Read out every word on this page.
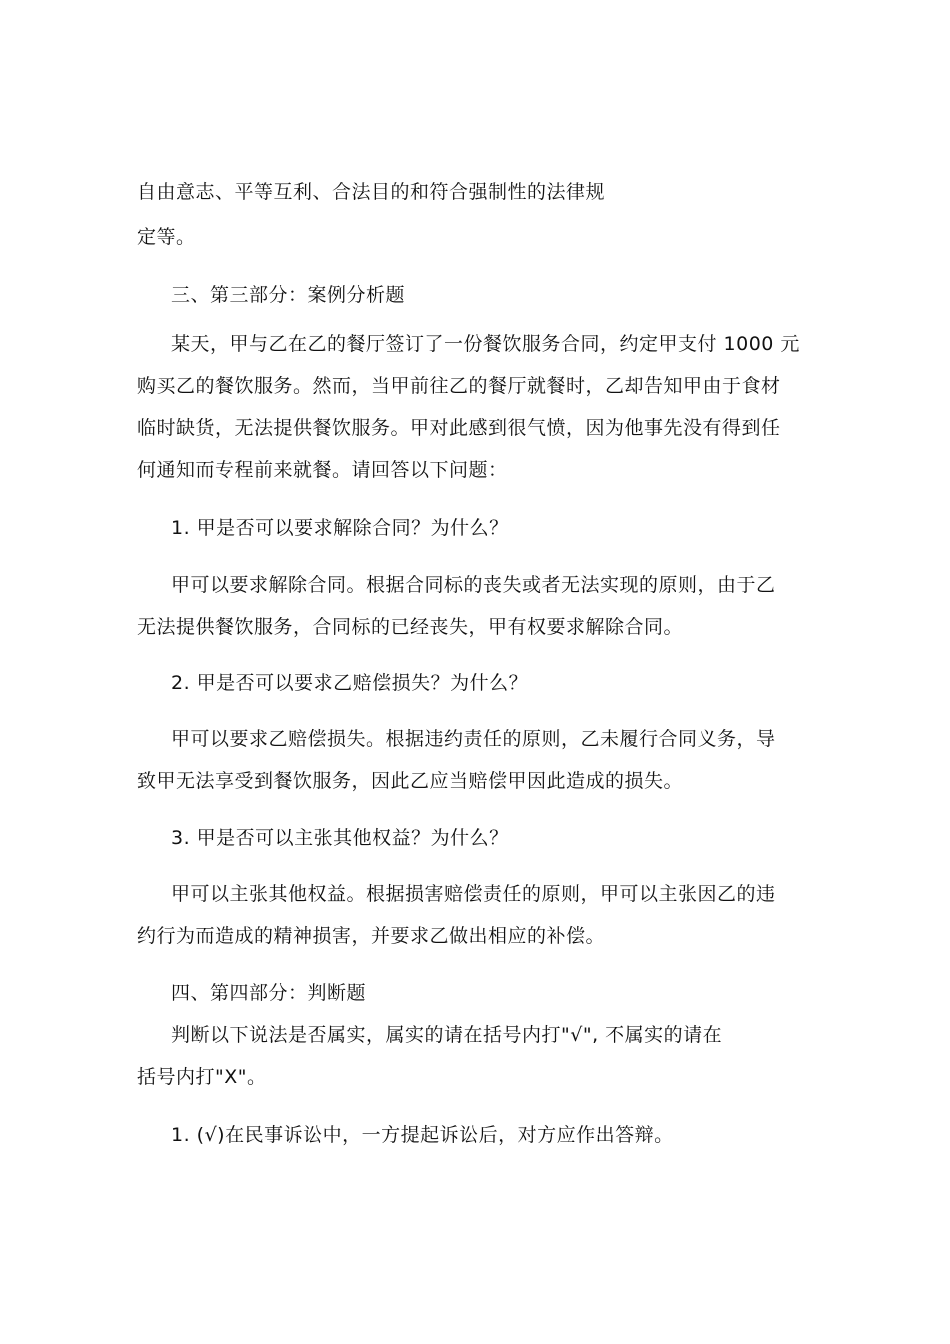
自由意志、平等互利、合法目的和符合强制性的法律规
定等。
三、第三部分：案例分析题
某天，甲与乙在乙的餐厅签订了一份餐饮服务合同，约定甲支付 1000 元
购买乙的餐饮服务。然而，当甲前往乙的餐厅就餐时，乙却告知甲由于食材
临时缺货，无法提供餐饮服务。甲对此感到很气愤，因为他事先没有得到任
何通知而专程前来就餐。请回答以下问题：
1. 甲是否可以要求解除合同？为什么？
甲可以要求解除合同。根据合同标的丧失或者无法实现的原则，由于乙
无法提供餐饮服务，合同标的已经丧失，甲有权要求解除合同。
2. 甲是否可以要求乙赔偿损失？为什么？
甲可以要求乙赔偿损失。根据违约责任的原则，乙未履行合同义务，导
致甲无法享受到餐饮服务，因此乙应当赔偿甲因此造成的损失。
3. 甲是否可以主张其他权益？为什么？
甲可以主张其他权益。根据损害赔偿责任的原则，甲可以主张因乙的违
约行为而造成的精神损害，并要求乙做出相应的补偿。
四、第四部分：判断题
判断以下说法是否属实，属实的请在括号内打"√", 不属实的请在
括号内打"X"。
1. (√)在民事诉讼中，一方提起诉讼后，对方应作出答辩。
